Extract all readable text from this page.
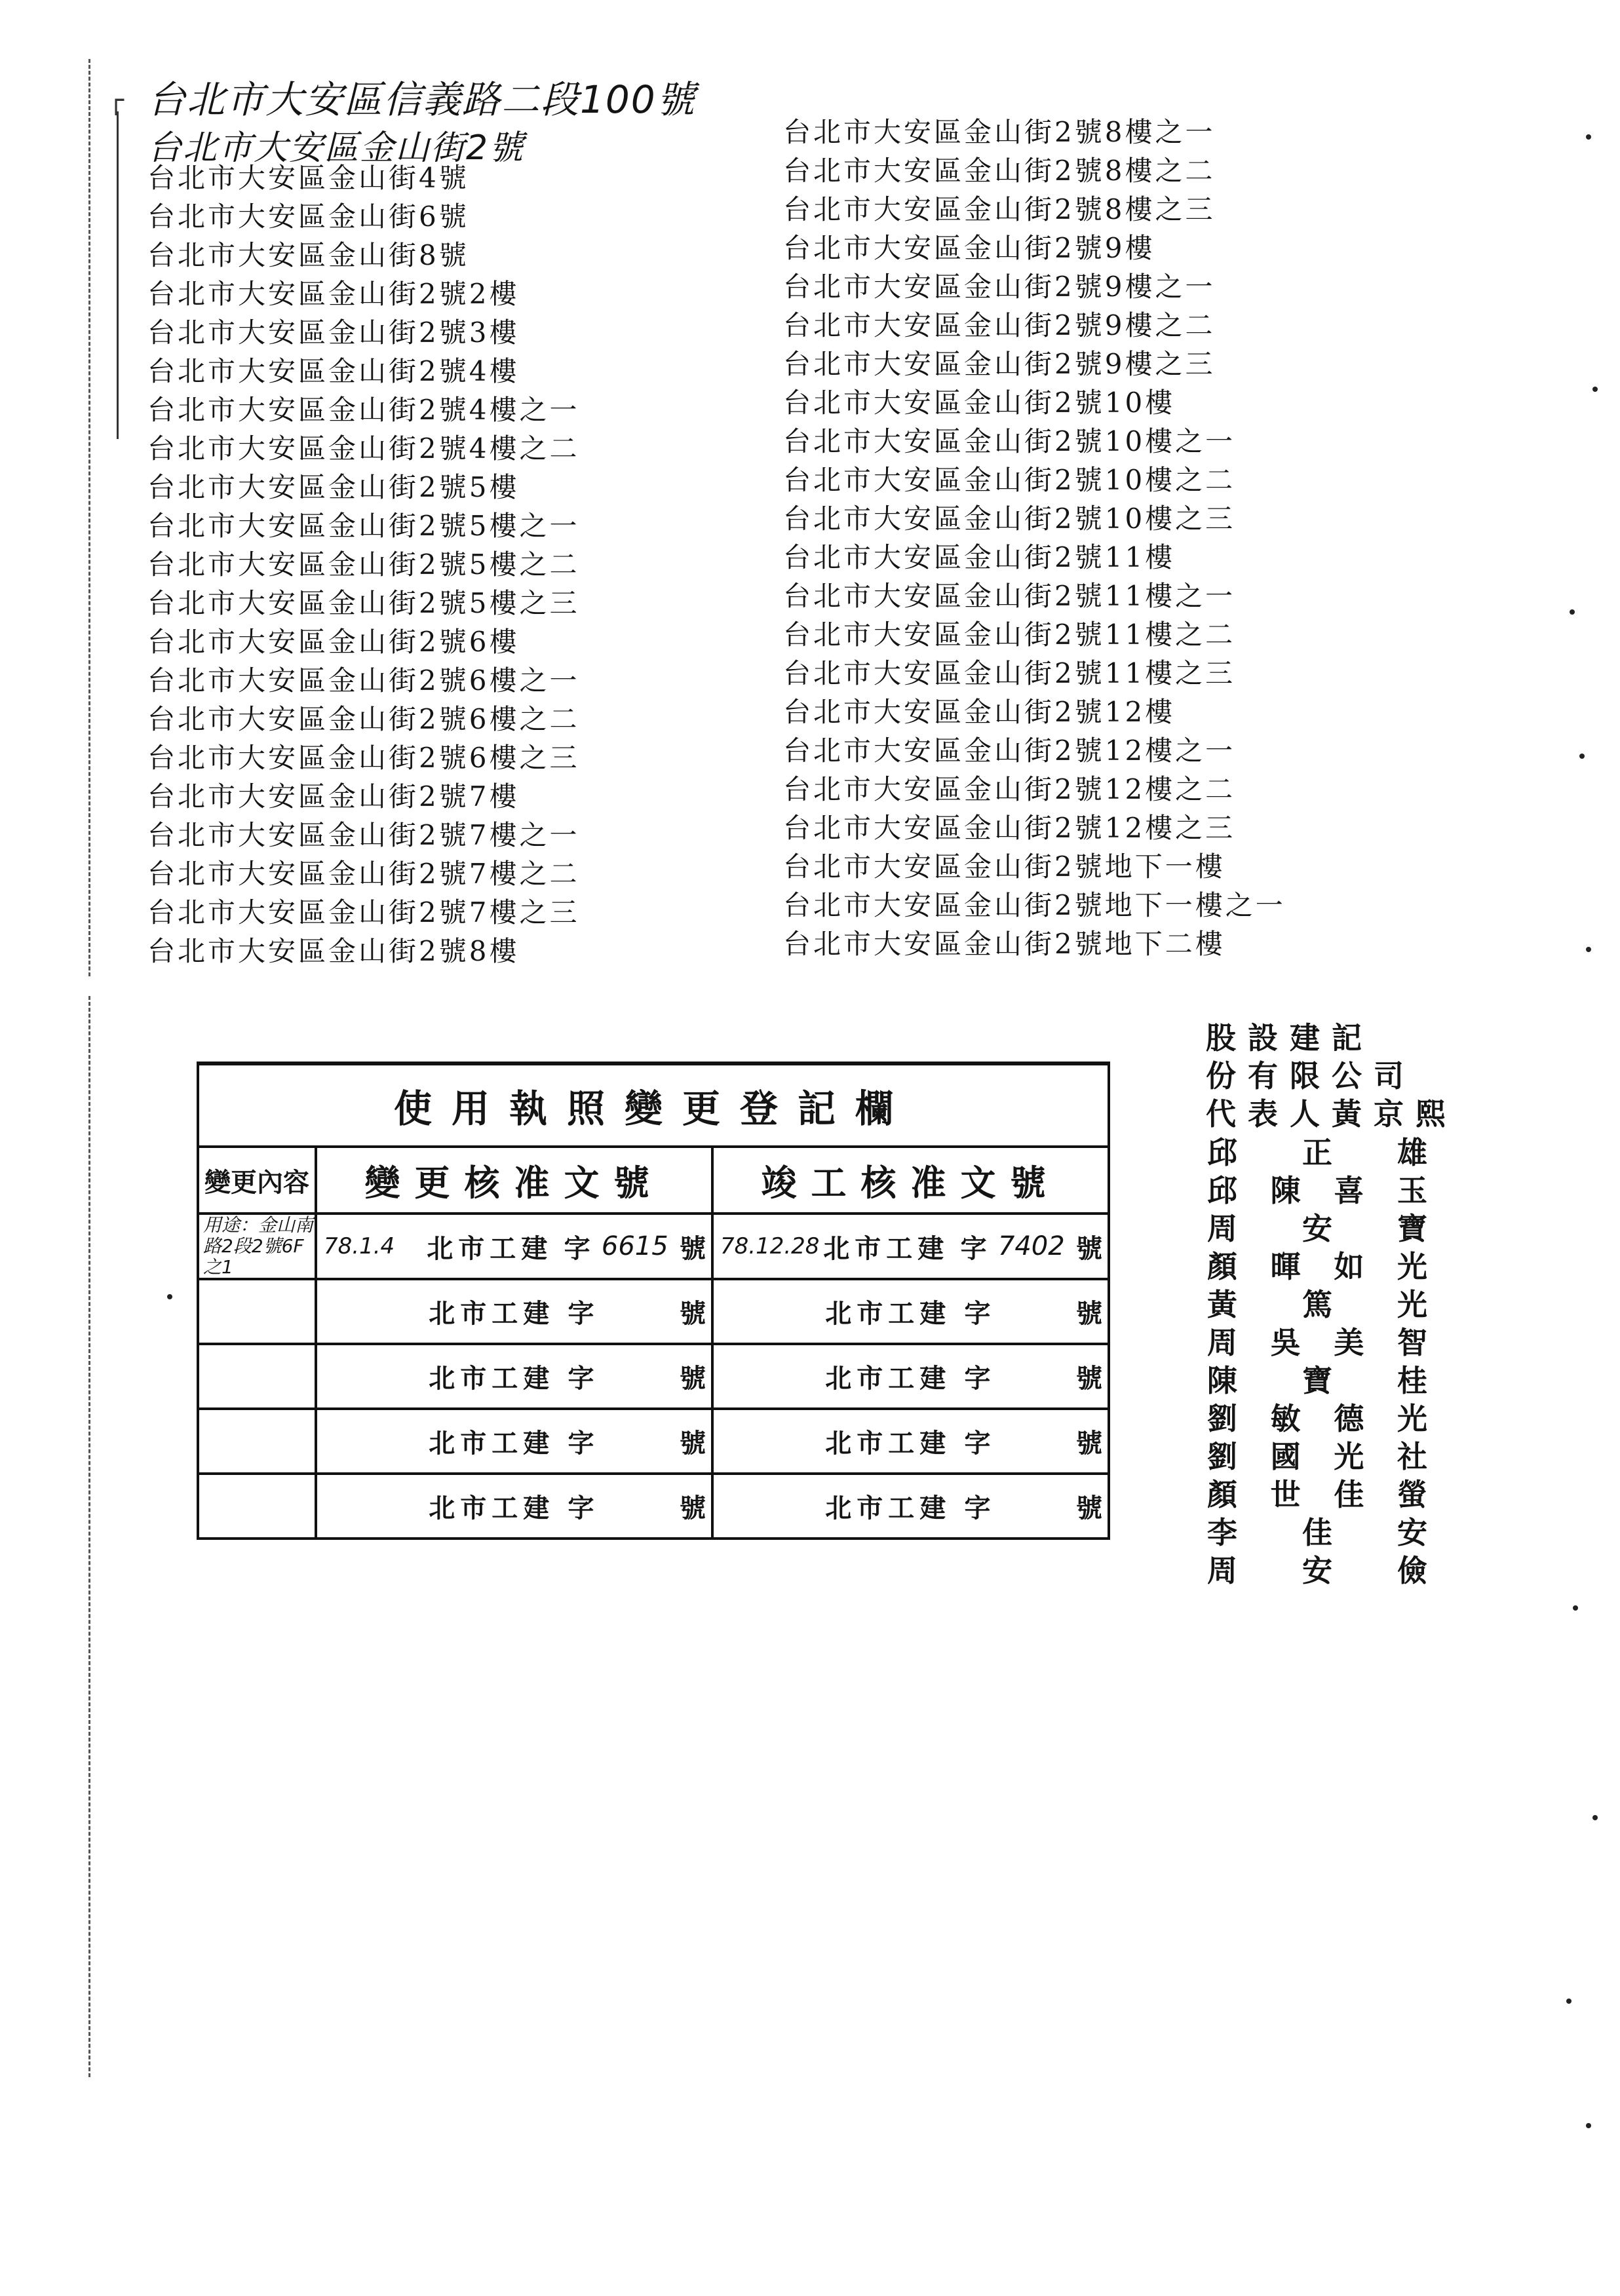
┌ 台北市大安區信義路二段100號
台北市大安區金山街2號
台北市大安區金山街4號
台北市大安區金山街6號
台北市大安區金山街8號
台北市大安區金山街2號2樓
台北市大安區金山街2號3樓
台北市大安區金山街2號4樓
台北市大安區金山街2號4樓之一
台北市大安區金山街2號4樓之二
台北市大安區金山街2號5樓
台北市大安區金山街2號5樓之一
台北市大安區金山街2號5樓之二
台北市大安區金山街2號5樓之三
台北市大安區金山街2號6樓
台北市大安區金山街2號6樓之一
台北市大安區金山街2號6樓之二
台北市大安區金山街2號6樓之三
台北市大安區金山街2號7樓
台北市大安區金山街2號7樓之一
台北市大安區金山街2號7樓之二
台北市大安區金山街2號7樓之三
台北市大安區金山街2號8樓
台北市大安區金山街2號8樓之一
台北市大安區金山街2號8樓之二
台北市大安區金山街2號8樓之三
台北市大安區金山街2號9樓
台北市大安區金山街2號9樓之一
台北市大安區金山街2號9樓之二
台北市大安區金山街2號9樓之三
台北市大安區金山街2號10樓
台北市大安區金山街2號10樓之一
台北市大安區金山街2號10樓之二
台北市大安區金山街2號10樓之三
台北市大安區金山街2號11樓
台北市大安區金山街2號11樓之一
台北市大安區金山街2號11樓之二
台北市大安區金山街2號11樓之三
台北市大安區金山街2號12樓
台北市大安區金山街2號12樓之一
台北市大安區金山街2號12樓之二
台北市大安區金山街2號12樓之三
台北市大安區金山街2號地下一樓
台北市大安區金山街2號地下一樓之一
台北市大安區金山街2號地下二樓
使用執照變更登記欄		
變更內容	變更核准文號	竣工核准文號

用途：金山南路2段2號6F之1	78.1.4 北市工建 字 6615 號	78.12.28 北市工建 字 7402 號

	北市工建 字 號	北市工建 字 號

	北市工建 字 號	北市工建 字 號

	北市工建 字 號	北市工建 字 號

	北市工建 字 號	北市工建 字 號
股設建記
份有限公司
代表人黃京熙
邱 正 雄
邱 陳 喜 玉
周 安 寶
顏 暉 如 光
黃 篤 光
周 吳 美 智
陳 寶 桂
劉 敏 德 光
劉 國 光 社
顏 世 佳 螢
李 佳 安
周 安 儉
